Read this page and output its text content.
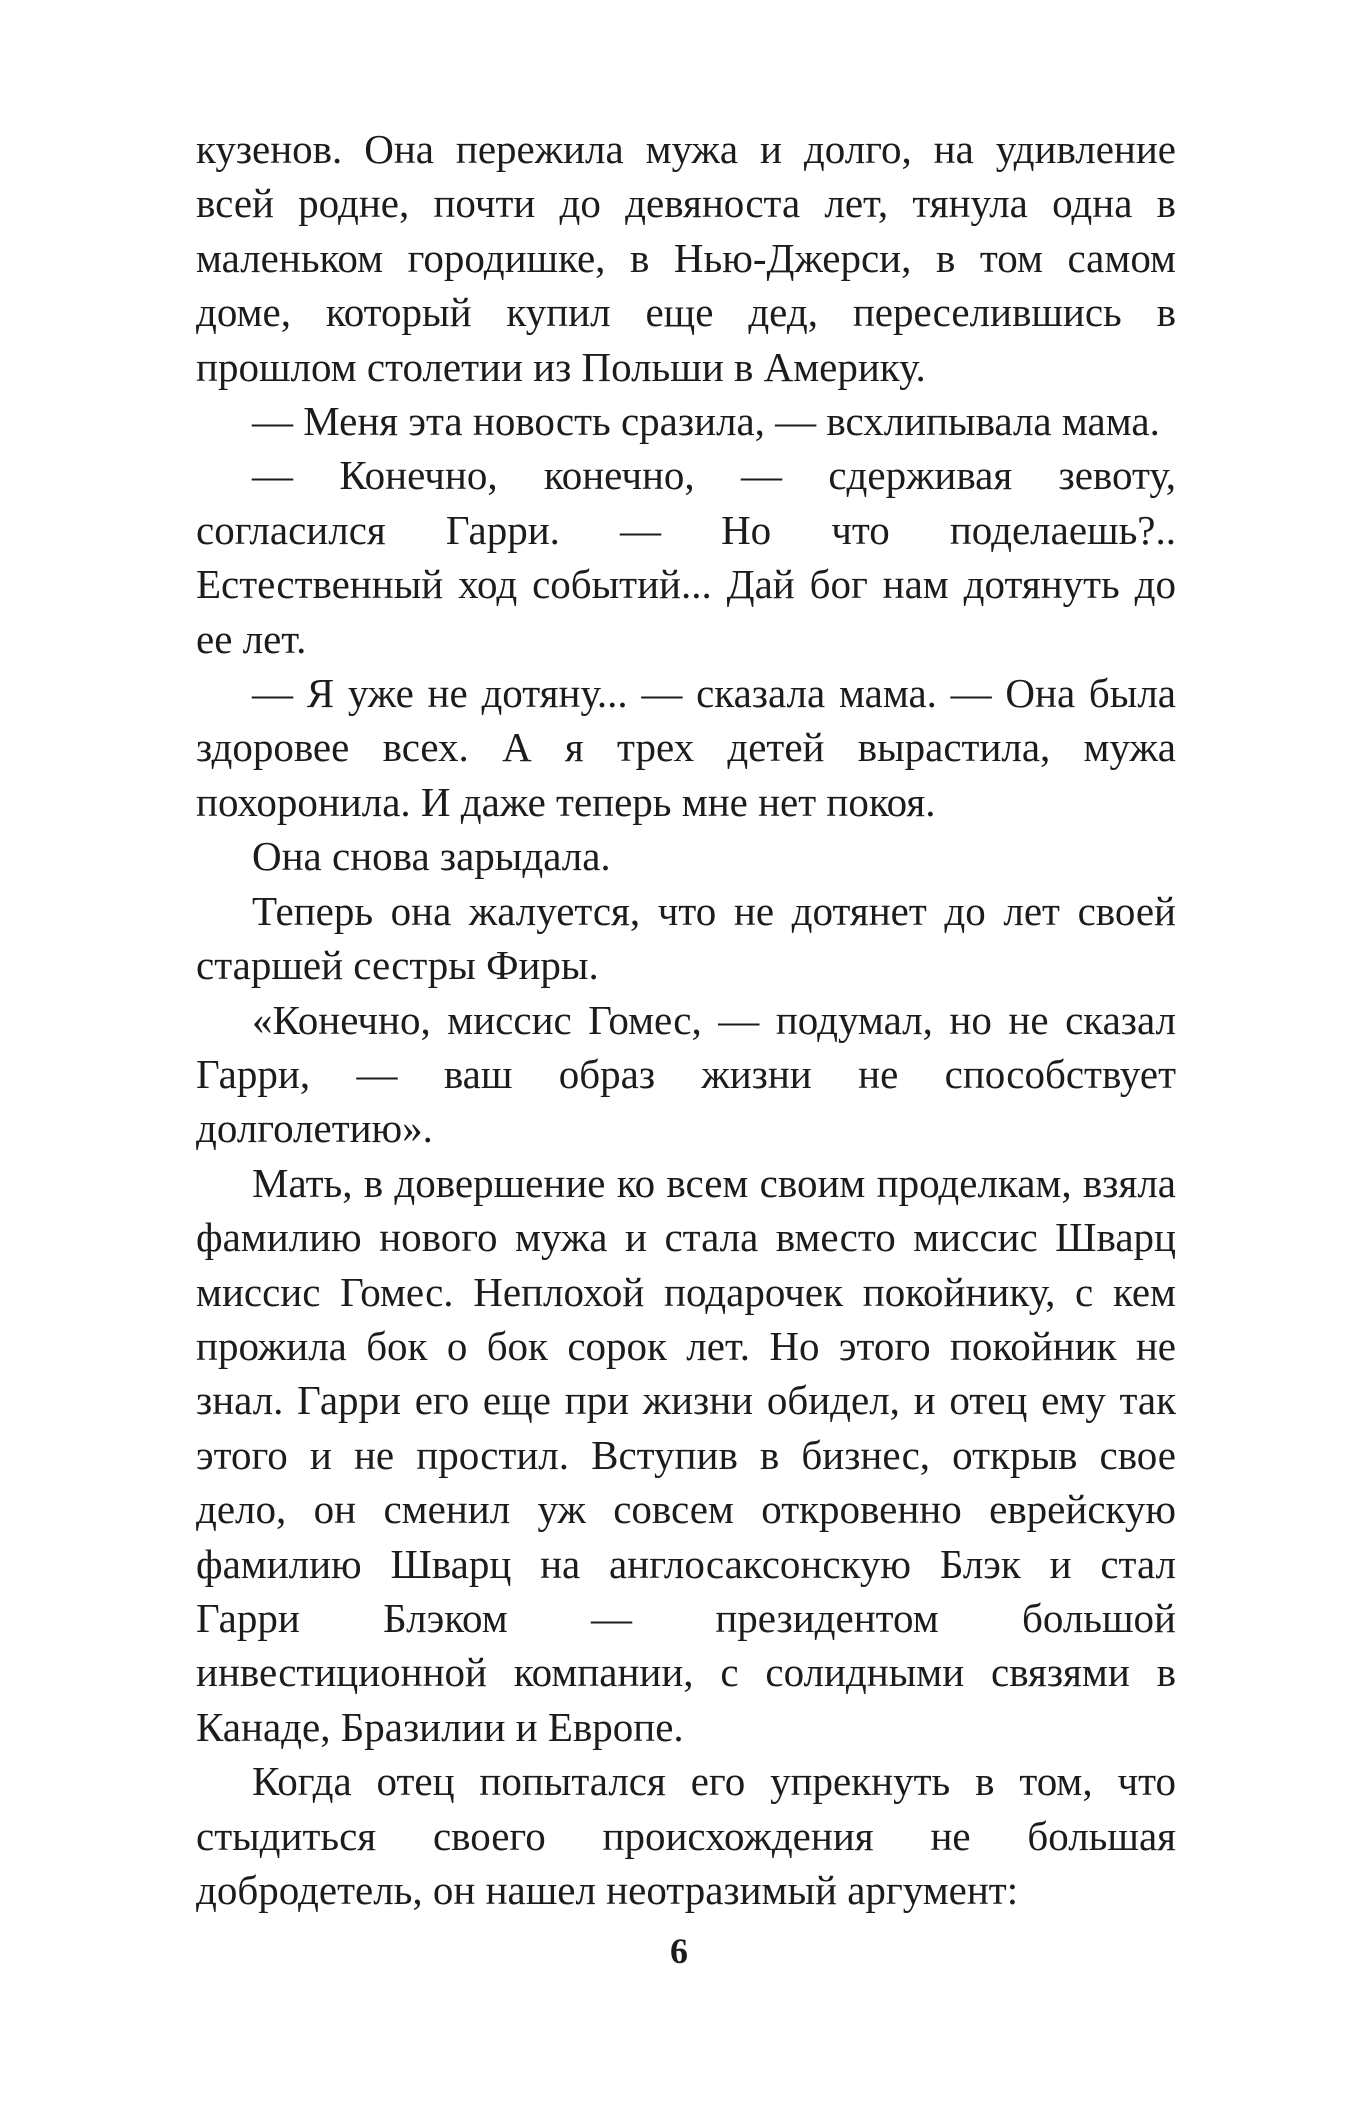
кузенов. Она пережила мужа и долго, на удивление всей родне, почти до девяноста лет, тянула одна в маленьком городишке, в Нью-Джерси, в том самом доме, который купил еще дед, переселившись в прошлом столетии из Польши в Америку.

— Меня эта новость сразила, — всхлипывала мама.

— Конечно, конечно, — сдерживая зевоту, согласился Гарри. — Но что поделаешь?.. Естественный ход событий... Дай бог нам дотянуть до ее лет.

— Я уже не дотяну... — сказала мама. — Она была здоровее всех. А я трех детей вырастила, мужа похоронила. И даже теперь мне нет покоя.

Она снова зарыдала.

Теперь она жалуется, что не дотянет до лет своей старшей сестры Фиры.

«Конечно, миссис Гомес, — подумал, но не сказал Гарри, — ваш образ жизни не способствует долголетию».

Мать, в довершение ко всем своим проделкам, взяла фамилию нового мужа и стала вместо миссис Шварц миссис Гомес. Неплохой подарочек покойнику, с кем прожила бок о бок сорок лет. Но этого покойник не знал. Гарри его еще при жизни обидел, и отец ему так этого и не простил. Вступив в бизнес, открыв свое дело, он сменил уж совсем откровенно еврейскую фамилию Шварц на англосаксонскую Блэк и стал Гарри Блэком — президентом большой инвестиционной компании, с солидными связями в Канаде, Бразилии и Европе.

Когда отец попытался его упрекнуть в том, что стыдиться своего происхождения не большая добродетель, он нашел неотразимый аргумент:

6
